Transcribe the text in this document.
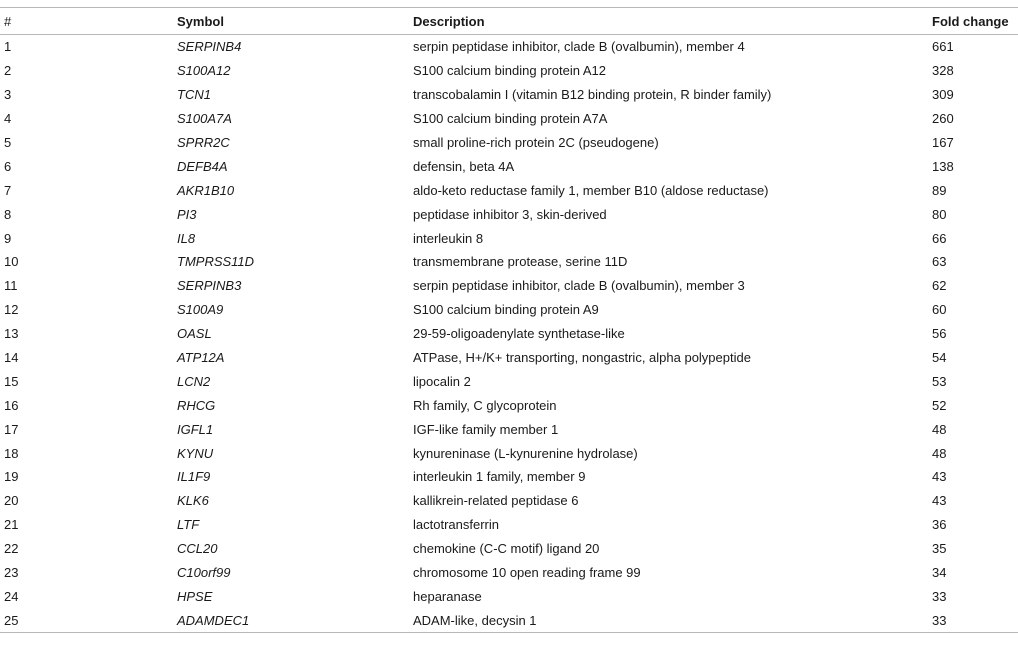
#	Symbol	Description	Fold change
1	SERPINB4	serpin peptidase inhibitor, clade B (ovalbumin), member 4	661
2	S100A12	S100 calcium binding protein A12	328
3	TCN1	transcobalamin I (vitamin B12 binding protein, R binder family)	309
4	S100A7A	S100 calcium binding protein A7A	260
5	SPRR2C	small proline-rich protein 2C (pseudogene)	167
6	DEFB4A	defensin, beta 4A	138
7	AKR1B10	aldo-keto reductase family 1, member B10 (aldose reductase)	89
8	PI3	peptidase inhibitor 3, skin-derived	80
9	IL8	interleukin 8	66
10	TMPRSS11D	transmembrane protease, serine 11D	63
11	SERPINB3	serpin peptidase inhibitor, clade B (ovalbumin), member 3	62
12	S100A9	S100 calcium binding protein A9	60
13	OASL	29-59-oligoadenylate synthetase-like	56
14	ATP12A	ATPase, H+/K+ transporting, nongastric, alpha polypeptide	54
15	LCN2	lipocalin 2	53
16	RHCG	Rh family, C glycoprotein	52
17	IGFL1	IGF-like family member 1	48
18	KYNU	kynureninase (L-kynurenine hydrolase)	48
19	IL1F9	interleukin 1 family, member 9	43
20	KLK6	kallikrein-related peptidase 6	43
21	LTF	lactotransferrin	36
22	CCL20	chemokine (C-C motif) ligand 20	35
23	C10orf99	chromosome 10 open reading frame 99	34
24	HPSE	heparanase	33
25	ADAMDEC1	ADAM-like, decysin 1	33
